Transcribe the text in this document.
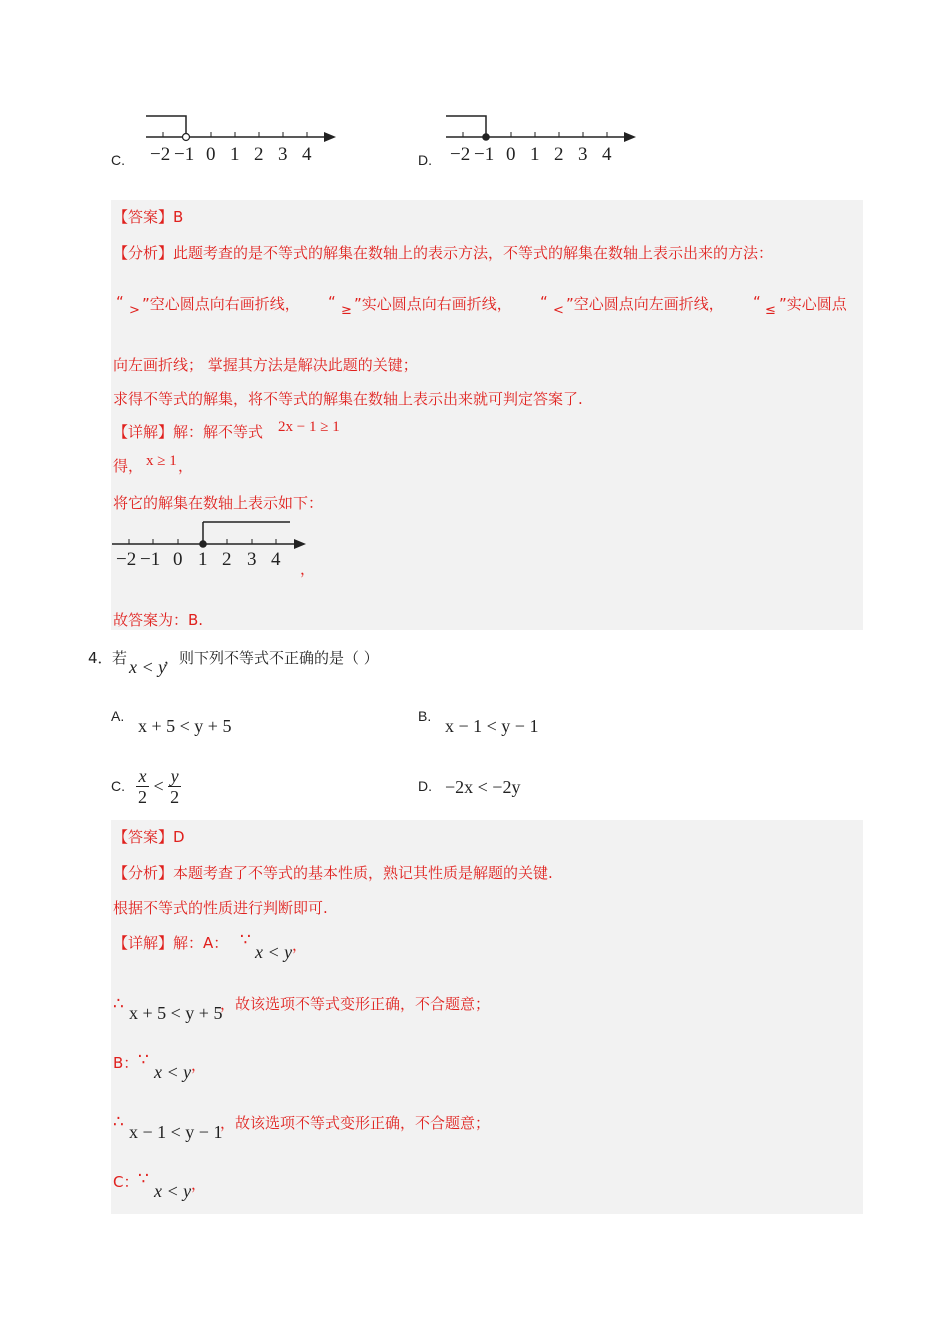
C. −2 −1 0 1 2 3 4	D. −2 −1 0 1 2 3 4
【答案】B
【分析】此题考查的是不等式的解集在数轴上的表示方法，不等式的解集在数轴上表示出来的方法：
“ > ”空心圆点向右画折线， “ ≥ ”实心圆点向右画折线， “ < ”空心圆点向左画折线， “ ≤ ”实心圆点
向左画折线； 掌握其方法是解决此题的关键；
求得不等式的解集，将不等式的解集在数轴上表示出来就可判定答案了.
【详解】解：解不等式 2x − 1 ≥ 1
得， x ≥ 1 ，
将它的解集在数轴上表示如下：
−2 −1 0 1 2 3 4 ，
故答案为：B.
4． 若 x < y
，则下列不等式不正确的是（ ）
A. x + 5 < y + 5	B. x − 1 < y − 1
C. $\frac{x}{2} < \frac{y}{2}$	D. −2x < −2y
【答案】D
【分析】本题考查了不等式的基本性质，熟记其性质是解题的关键.
根据不等式的性质进行判断即可.
【详解】解：A： ∵
x < y ，
∴ x + 5 < y + 5
，故该选项不等式变形正确，不合题意；
B： ∵
x < y ，
∴ x − 1 < y − 1
，故该选项不等式变形正确，不合题意；
C： ∵
x < y ，
